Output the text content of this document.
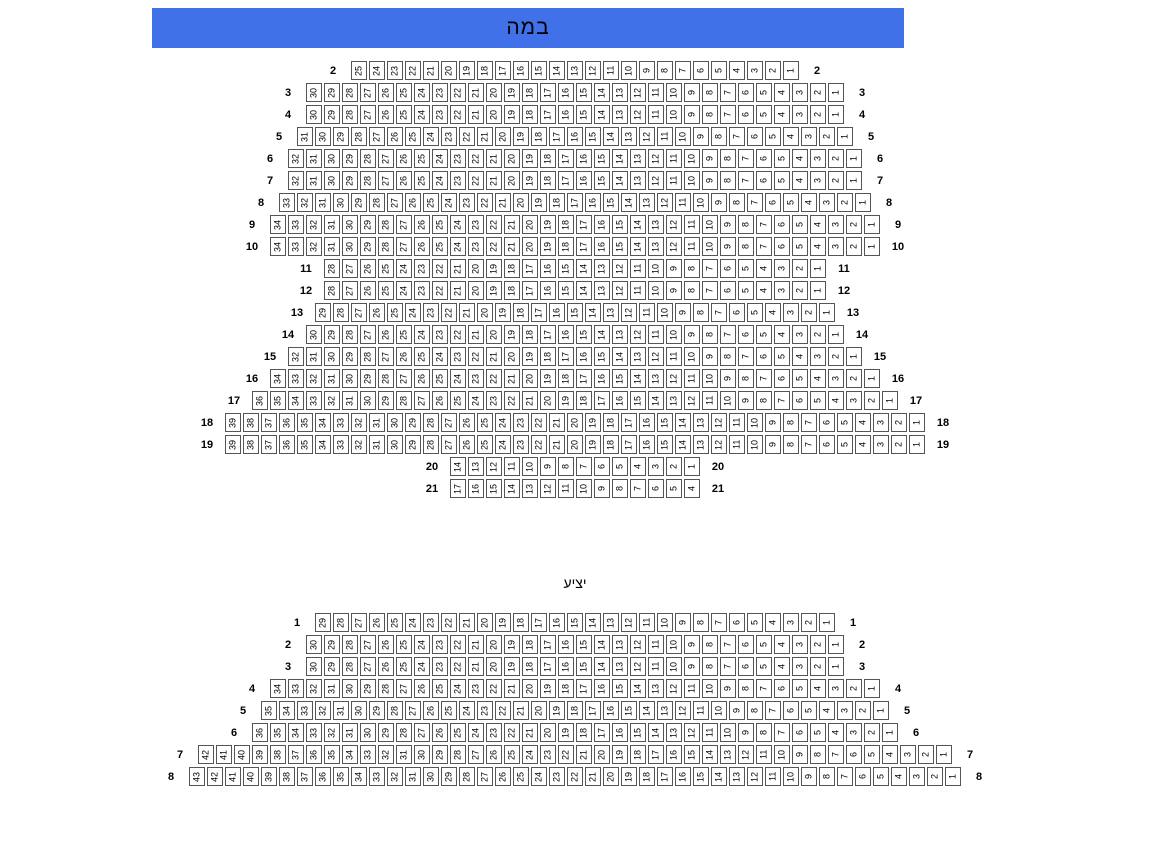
במה
2	25 24 23 22 21 20 19 18 17 16 15 14 13 12 11 10 9 8 7 6 5 4 3 2 1	2
3	30 29 28 27 26 25 24 23 22 21 20 19 18 17 16 15 14 13 12 11 10 9 8 7 6 5 4 3 2 1	3
4	30 29 28 27 26 25 24 23 22 21 20 19 18 17 16 15 14 13 12 11 10 9 8 7 6 5 4 3 2 1	4
5	31 30 29 28 27 26 25 24 23 22 21 20 19 18 17 16 15 14 13 12 11 10 9 8 7 6 5 4 3 2 1	5
6	32 31 30 29 28 27 26 25 24 23 22 21 20 19 18 17 16 15 14 13 12 11 10 9 8 7 6 5 4 3 2 1	6
7	32 31 30 29 28 27 26 25 24 23 22 21 20 19 18 17 16 15 14 13 12 11 10 9 8 7 6 5 4 3 2 1	7
8	33 32 31 30 29 28 27 26 25 24 23 22 21 20 19 18 17 16 15 14 13 12 11 10 9 8 7 6 5 4 3 2 1	8
9	34 33 32 31 30 29 28 27 26 25 24 23 22 21 20 19 18 17 16 15 14 13 12 11 10 9 8 7 6 5 4 3 2 1	9
10	34 33 32 31 30 29 28 27 26 25 24 23 22 21 20 19 18 17 16 15 14 13 12 11 10 9 8 7 6 5 4 3 2 1	10
11	28 27 26 25 24 23 22 21 20 19 18 17 16 15 14 13 12 11 10 9 8 7 6 5 4 3 2 1	11
12	28 27 26 25 24 23 22 21 20 19 18 17 16 15 14 13 12 11 10 9 8 7 6 5 4 3 2 1	12
13	29 28 27 26 25 24 23 22 21 20 19 18 17 16 15 14 13 12 11 10 9 8 7 6 5 4 3 2 1	13
14	30 29 28 27 26 25 24 23 22 21 20 19 18 17 16 15 14 13 12 11 10 9 8 7 6 5 4 3 2 1	14
15	32 31 30 29 28 27 26 25 24 23 22 21 20 19 18 17 16 15 14 13 12 11 10 9 8 7 6 5 4 3 2 1	15
16	34 33 32 31 30 29 28 27 26 25 24 23 22 21 20 19 18 17 16 15 14 13 12 11 10 9 8 7 6 5 4 3 2 1	16
17	36 35 34 33 32 31 30 29 28 27 26 25 24 23 22 21 20 19 18 17 16 15 14 13 12 11 10 9 8 7 6 5 4 3 2 1	17
18	39 38 37 36 35 34 33 32 31 30 29 28 27 26 25 24 23 22 21 20 19 18 17 16 15 14 13 12 11 10 9 8 7 6 5 4 3 2 1	18
19	39 38 37 36 35 34 33 32 31 30 29 28 27 26 25 24 23 22 21 20 19 18 17 16 15 14 13 12 11 10 9 8 7 6 5 4 3 2 1	19
20	14 13 12 11 10 9 8 7 6 5 4 3 2 1	20
21	17 16 15 14 13 12 11 10 9 8 7 6 5 4	21
יציע
1	29 28 27 26 25 24 23 22 21 20 19 18 17 16 15 14 13 12 11 10 9 8 7 6 5 4 3 2 1	1
2	30 29 28 27 26 25 24 23 22 21 20 19 18 17 16 15 14 13 12 11 10 9 8 7 6 5 4 3 2 1	2
3	30 29 28 27 26 25 24 23 22 21 20 19 18 17 16 15 14 13 12 11 10 9 8 7 6 5 4 3 2 1	3
4	34 33 32 31 30 29 28 27 26 25 24 23 22 21 20 19 18 17 16 15 14 13 12 11 10 9 8 7 6 5 4 3 2 1	4
5	35 34 33 32 31 30 29 28 27 26 25 24 23 22 21 20 19 18 17 16 15 14 13 12 11 10 9 8 7 6 5 4 3 2 1	5
6	36 35 34 33 32 31 30 29 28 27 26 25 24 23 22 21 20 19 18 17 16 15 14 13 12 11 10 9 8 7 6 5 4 3 2 1	6
7	42 41 40 39 38 37 36 35 34 33 32 31 30 29 28 27 26 25 24 23 22 21 20 19 18 17 16 15 14 13 12 11 10 9 8 7 6 5 4 3 2 1	7
8	43 42 41 40 39 38 37 36 35 34 33 32 31 30 29 28 27 26 25 24 23 22 21 20 19 18 17 16 15 14 13 12 11 10 9 8 7 6 5 4 3 2 1	8
